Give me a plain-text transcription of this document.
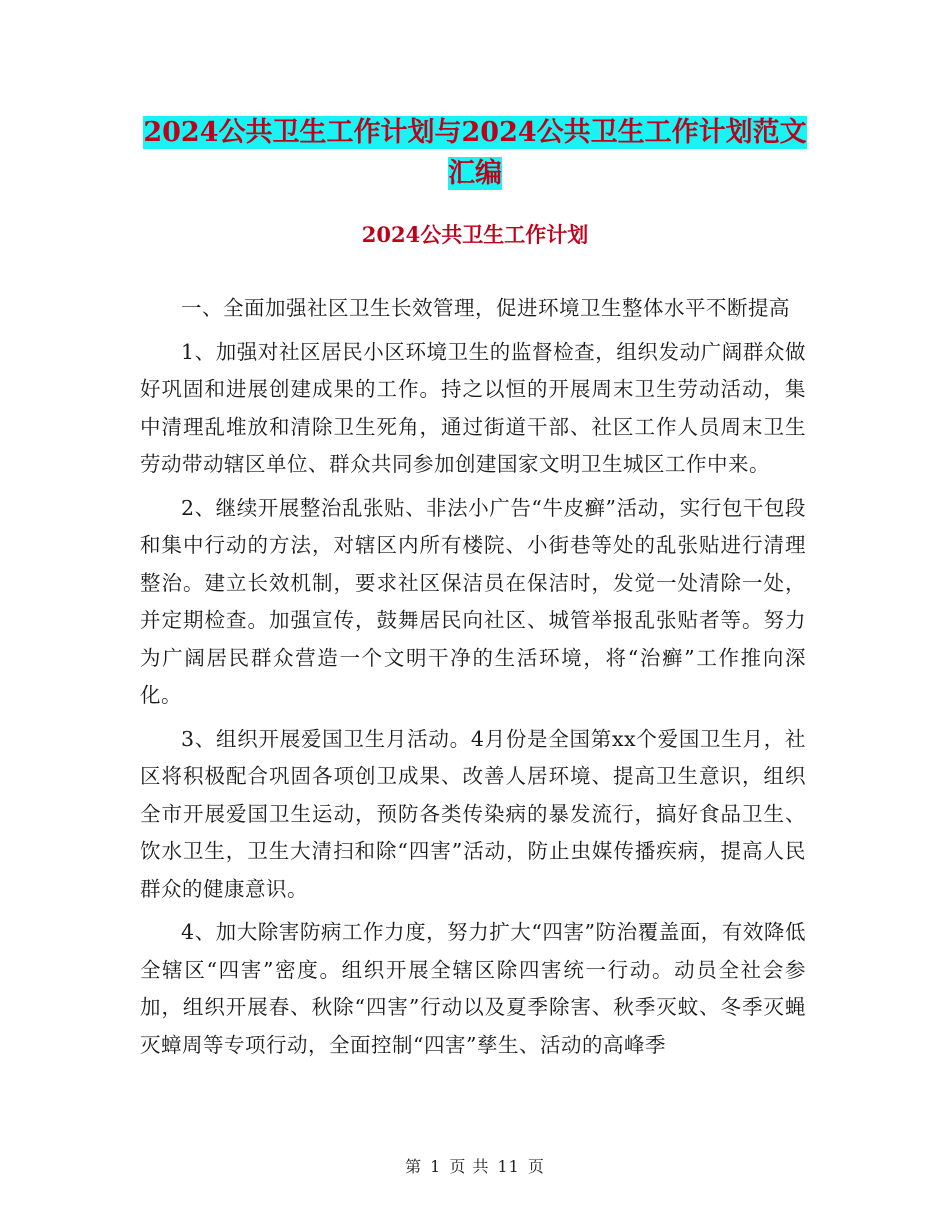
2024公共卫生工作计划与2024公共卫生工作计划范文汇编
2024公共卫生工作计划

一、全面加强社区卫生长效管理，促进环境卫生整体水平不断提高

1、加强对社区居民小区环境卫生的监督检查，组织发动广阔群众做好巩固和进展创建成果的工作。持之以恒的开展周末卫生劳动活动，集中清理乱堆放和清除卫生死角，通过街道干部、社区工作人员周末卫生劳动带动辖区单位、群众共同参加创建国家文明卫生城区工作中来。

2、继续开展整治乱张贴、非法小广告“牛皮癣”活动，实行包干包段和集中行动的方法，对辖区内所有楼院、小街巷等处的乱张贴进行清理整治。建立长效机制，要求社区保洁员在保洁时，发觉一处清除一处，并定期检查。加强宣传，鼓舞居民向社区、城管举报乱张贴者等。努力为广阔居民群众营造一个文明干净的生活环境，将“治癣”工作推向深化。

3、组织开展爱国卫生月活动。4月份是全国第xx个爱国卫生月，社区将积极配合巩固各项创卫成果、改善人居环境、提高卫生意识，组织全市开展爱国卫生运动，预防各类传染病的暴发流行，搞好食品卫生、饮水卫生，卫生大清扫和除“四害”活动，防止虫媒传播疾病，提高人民群众的健康意识。

4、加大除害防病工作力度，努力扩大“四害”防治覆盖面，有效降低全辖区“四害”密度。组织开展全辖区除四害统一行动。动员全社会参加，组织开展春、秋除“四害”行动以及夏季除害、秋季灭蚊、冬季灭蝇灭蟑周等专项行动，全面控制“四害”孳生、活动的高峰季

第 1 页 共 11 页
